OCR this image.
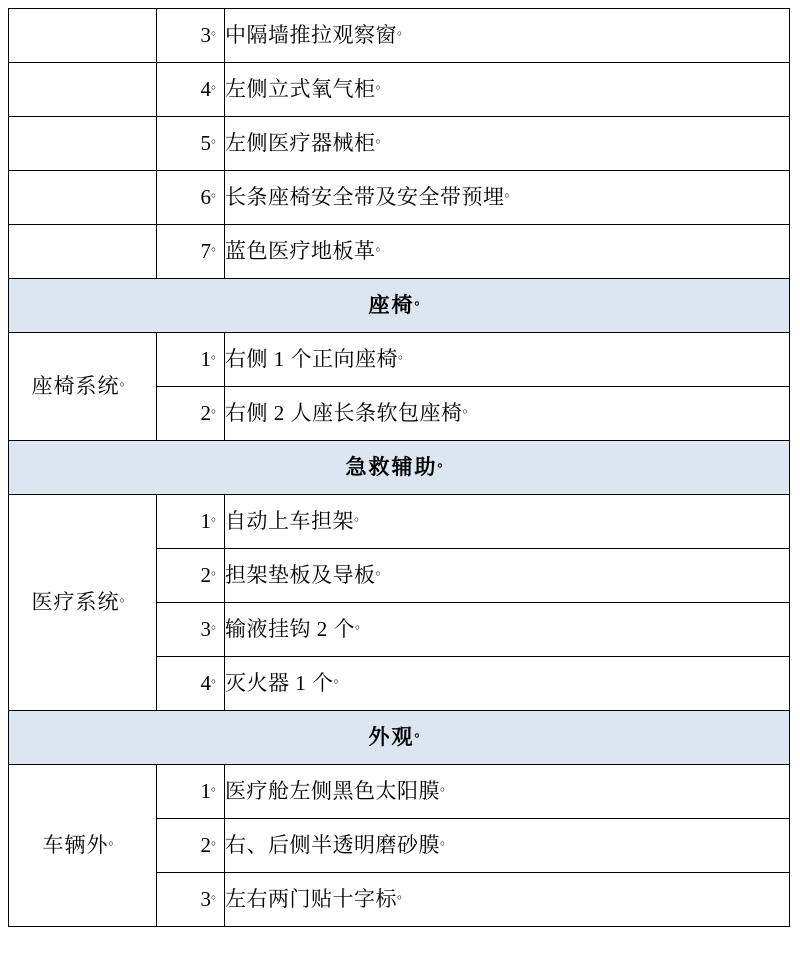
	3。	中隔墙推拉观察窗。
	4。	左侧立式氧气柜。
	5。	左侧医疗器械柜。
	6。	长条座椅安全带及安全带预埋。
	7。	蓝色医疗地板革。
座椅。
座椅系统。	1。	右侧 1 个正向座椅。
	2。	右侧 2 人座长条软包座椅。
急救辅助。
医疗系统。	1。	自动上车担架。
	2。	担架垫板及导板。
	3。	输液挂钩 2 个。
	4。	灭火器 1 个。
外观。
车辆外。	1。	医疗舱左侧黑色太阳膜。
	2。	右、后侧半透明磨砂膜。
	3。	左右两门贴十字标。
